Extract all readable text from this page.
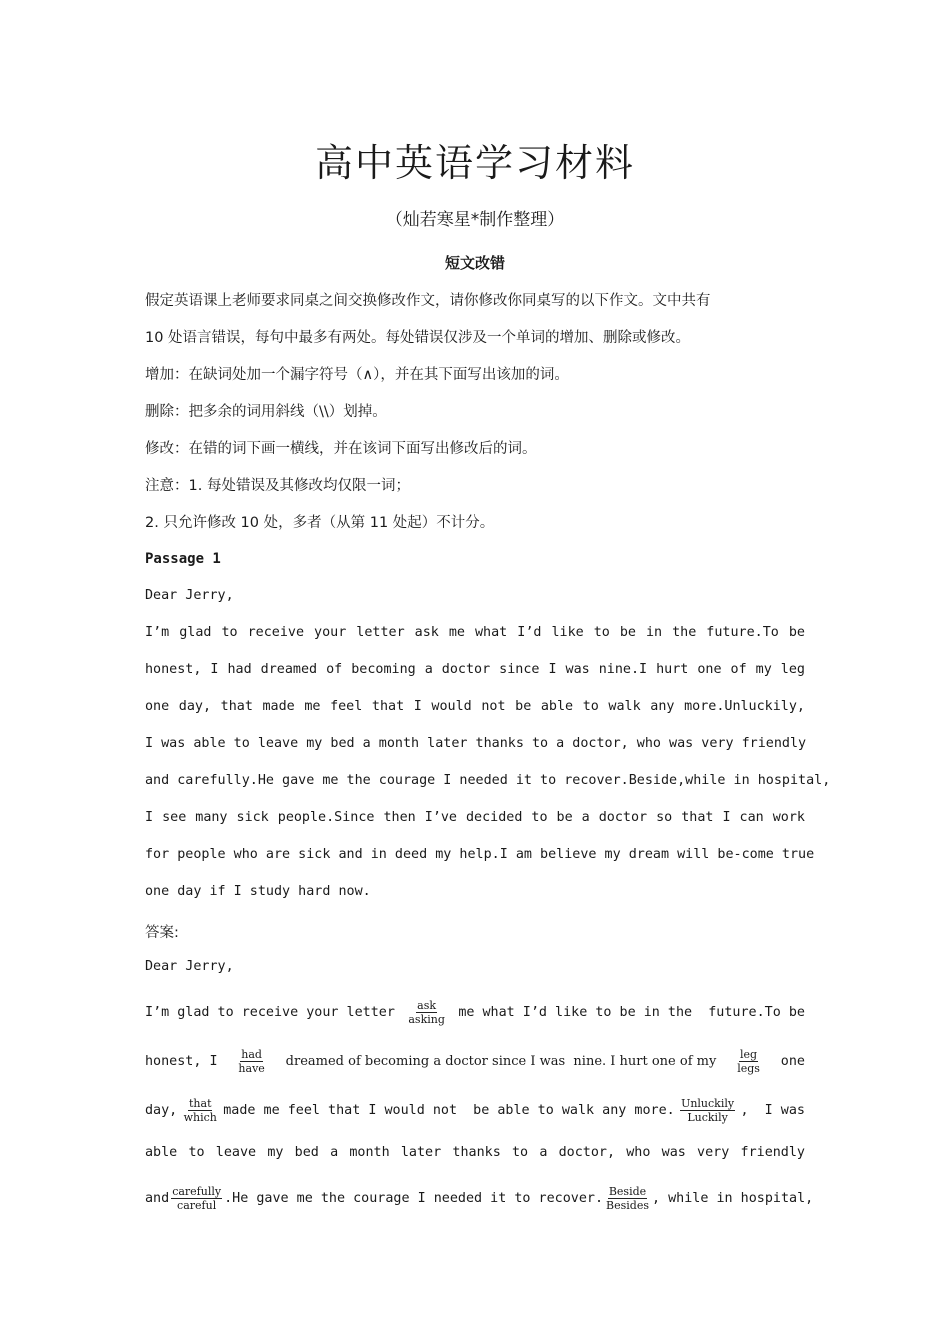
高中英语学习材料
（灿若寒星*制作整理）
短文改错
假定英语课上老师要求同桌之间交换修改作文，请你修改你同桌写的以下作文。文中共有
10 处语言错误，每句中最多有两处。每处错误仅涉及一个单词的增加、删除或修改。
增加：在缺词处加一个漏字符号（∧），并在其下面写出该加的词。
删除：把多余的词用斜线（\\）划掉。
修改：在错的词下画一横线，并在该词下面写出修改后的词。
注意：1. 每处错误及其修改均仅限一词；
2. 只允许修改 10 处，多者（从第 11 处起）不计分。
Passage 1
Dear Jerry,
I’m glad to receive your letter ask me what I’d like to be in the future.To be
honest, I had dreamed of becoming a doctor since I was nine.I hurt one of my leg
one day, that made me feel that I would not be able to walk any more.Unluckily,
I was able to leave my bed a month later thanks to a doctor, who was very friendly
and carefully.He gave me the courage I needed it to recover.Beside,while in hospital,
I see many sick people.Since then I’ve decided to be a doctor so that I can work
for people who are sick and in deed my help.I am believe my dream will be-come true
one day if I study hard now.
答案:
Dear Jerry,
I’m glad to receive your letter $\frac{\text{ask}}{\text{asking}}$ me what I’d like to be in the  future.To be
honest, I $\frac{\text{had}}{\text{have}}$ dreamed of becoming a doctor since I was  nine. I hurt one of my $\frac{\text{leg}}{\text{legs}}$ one
day, $\frac{\text{that}}{\text{which}}$ made me feel that I would not  be able to walk any more. $\frac{\text{Unluckily}}{\text{Luckily}}$ ,  I was
able to leave my bed a month later thanks to a doctor, who was very friendly
and $\frac{\text{carefully}}{\text{careful}} .He$ gave me the courage I needed it to recover. $\frac{\text{Beside}}{\text{Besides}}$ , while in hospital,
